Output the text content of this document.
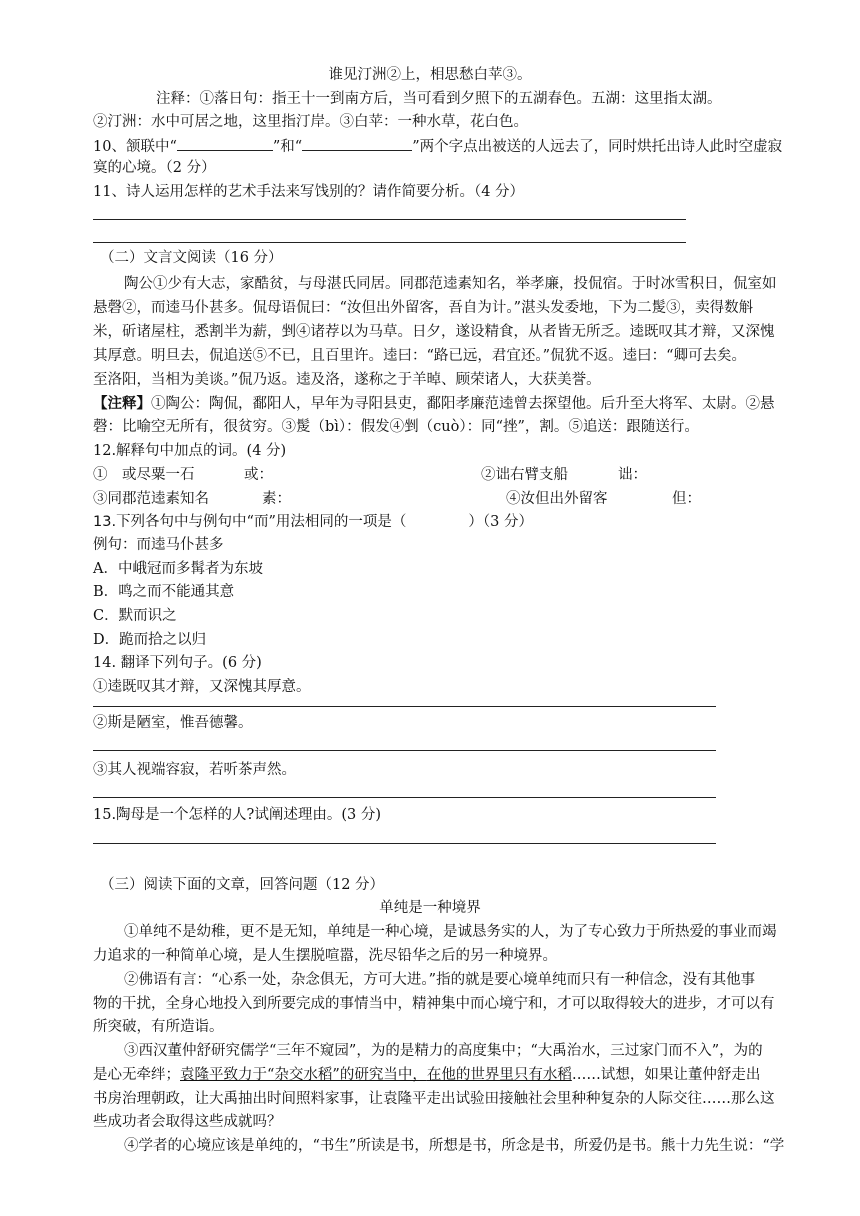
谁见汀洲②上，相思愁白苹③。
注释：①落日句：指王十一到南方后，当可看到夕照下的五湖春色。五湖：这里指太湖。
②汀洲：水中可居之地，这里指汀岸。③白苹：一种水草，花白色。
10、颔联中“	”和“	”两个字点出被送的人远去了，同时烘托出诗人此时空虚寂
寞的心境。（2 分）
11、诗人运用怎样的艺术手法来写饯别的？请作简要分析。（4 分）
（二）文言文阅读（16 分）
陶公①少有大志，家酷贫，与母湛氏同居。同郡范逵素知名，举孝廉，投侃宿。于时冰雪积日，侃室如
悬磬②，而逵马仆甚多。侃母语侃曰：“汝但出外留客，吾自为计。”湛头发委地，下为二髲③，卖得数斛
米，斫诸屋柱，悉割半为薪，剉④诸荐以为马草。日夕，遂设精食，从者皆无所乏。逵既叹其才辩，又深愧
其厚意。明旦去，侃追送⑤不已，且百里许。逵曰：“路已远，君宜还。”侃犹不返。逵曰：“卿可去矣。
至洛阳，当相为美谈。”侃乃返。逵及洛，遂称之于羊晫、顾荣诸人，大获美誉。
【注释】①陶公：陶侃，鄱阳人，早年为寻阳县吏，鄱阳孝廉范逵曾去探望他。后升至大将军、太尉。②悬
磬：比喻空无所有，很贫穷。③髲（bì）：假发④剉（cuò）：同“挫”，割。⑤追送：跟随送行。
12.解释句中加点的词。(4 分)
①　或尽粟一石	或：	②诎右臂支船	诎：
③同郡范逵素知名	素：	④汝但出外留客	但：
13.下列各句中与例句中“而”用法相同的一项是（	）（3 分）
例句：而逵马仆甚多
A．中峨冠而多髯者为东坡
B．鸣之而不能通其意
C．默而识之
D．跪而拾之以归
14. 翻译下列句子。(6 分)
①逵既叹其才辩，又深愧其厚意。
②斯是陋室，惟吾德馨。
③其人视端容寂，若听茶声然。
15.陶母是一个怎样的人?试阐述理由。(3 分)
（三）阅读下面的文章，回答问题（12 分）
单纯是一种境界
①单纯不是幼稚，更不是无知，单纯是一种心境，是诚恳务实的人，为了专心致力于所热爱的事业而竭
力追求的一种简单心境，是人生摆脱喧嚣，洗尽铅华之后的另一种境界。
②佛语有言：“心系一处，杂念俱无，方可大进。”指的就是要心境单纯而只有一种信念，没有其他事
物的干扰，全身心地投入到所要完成的事情当中，精神集中而心境宁和，才可以取得较大的进步，才可以有
所突破，有所造诣。
③西汉董仲舒研究儒学“三年不窥园”，为的是精力的高度集中；“大禹治水，三过家门而不入”，为的
是心无牵绊；袁隆平致力于“杂交水稻”的研究当中，在他的世界里只有水稻……试想，如果让董仲舒走出
书房治理朝政，让大禹抽出时间照料家事，让袁隆平走出试验田接触社会里种种复杂的人际交往……那么这
些成功者会取得这些成就吗？
④学者的心境应该是单纯的，“书生”所读是书，所想是书，所念是书，所爱仍是书。熊十力先生说：“学
